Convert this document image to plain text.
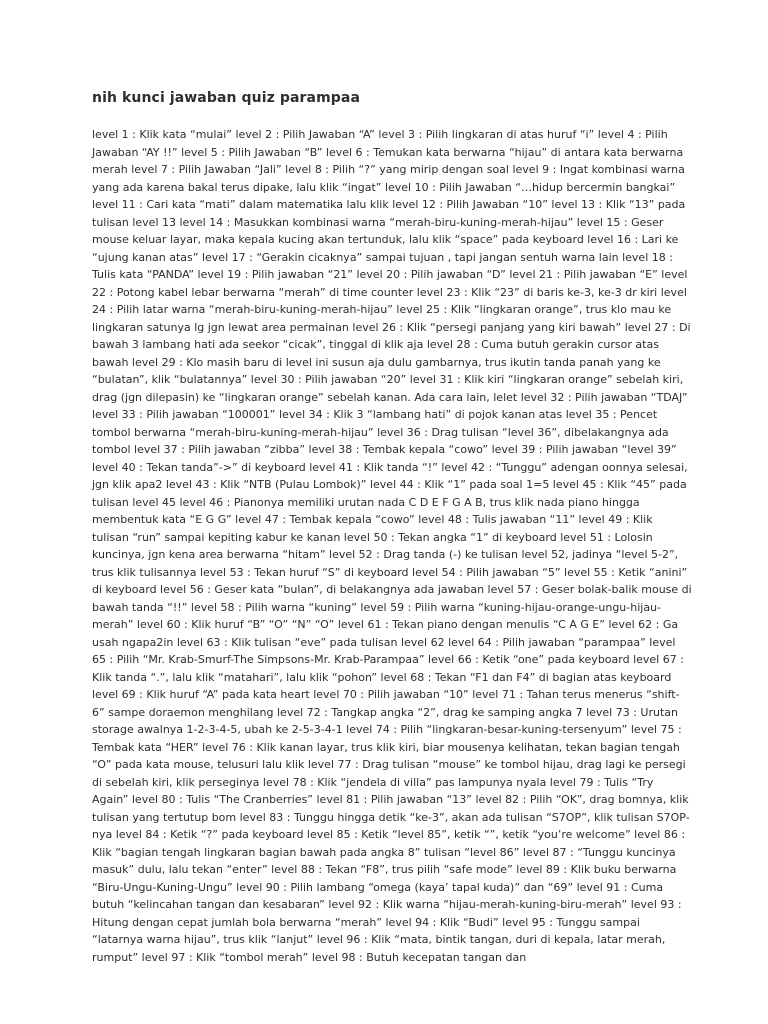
nih kunci jawaban quiz parampaa

level 1 : Klik kata “mulai” level 2 : Pilih Jawaban “A” level 3 : Pilih lingkaran di atas huruf “i” level 4 : Pilih Jawaban “AY !!” level 5 : Pilih Jawaban “B” level 6 : Temukan kata berwarna “hijau” di antara kata berwarna merah level 7 : Pilih Jawaban “Jali” level 8 : Pilih “?” yang mirip dengan soal level 9 : Ingat kombinasi warna yang ada karena bakal terus dipake, lalu klik “ingat” level 10 : Pilih Jawaban “…hidup bercermin bangkai” level 11 : Cari kata “mati” dalam matematika lalu klik level 12 : Pilih Jawaban “10” level 13 : Klik “13” pada tulisan level 13 level 14 : Masukkan kombinasi warna “merah-biru-kuning-merah-hijau” level 15 : Geser mouse keluar layar, maka kepala kucing akan tertunduk, lalu klik “space” pada keyboard level 16 : Lari ke “ujung kanan atas” level 17 : “Gerakin cicaknya” sampai tujuan , tapi jangan sentuh warna lain level 18 : Tulis kata “PANDA” level 19 : Pilih jawaban “21” level 20 : Pilih jawaban “D” level 21 : Pilih jawaban “E” level 22 : Potong kabel lebar berwarna “merah” di time counter level 23 : Klik “23” di baris ke-3, ke-3 dr kiri level 24 : Pilih latar warna “merah-biru-kuning-merah-hijau” level 25 : Klik “lingkaran orange”, trus klo mau ke lingkaran satunya lg jgn lewat area permainan level 26 : Klik “persegi panjang yang kiri bawah” level 27 : Di bawah 3 lambang hati ada seekor “cicak”, tinggal di klik aja level 28 : Cuma butuh gerakin cursor atas bawah level 29 : Klo masih baru di level ini susun aja dulu gambarnya, trus ikutin tanda panah yang ke “bulatan”, klik “bulatannya” level 30 : Pilih jawaban “20” level 31 : Klik kiri “lingkaran orange” sebelah kiri, drag (jgn dilepasin) ke “lingkaran orange” sebelah kanan. Ada cara lain, lelet level 32 : Pilih jawaban “TDAJ” level 33 : Pilih jawaban “100001” level 34 : Klik 3 “lambang hati” di pojok kanan atas level 35 : Pencet tombol berwarna “merah-biru-kuning-merah-hijau” level 36 : Drag tulisan “level 36”, dibelakangnya ada tombol level 37 : Pilih jawaban “zibba” level 38 : Tembak kepala “cowo” level 39 : Pilih jawaban “level 39” level 40 : Tekan tanda”->” di keyboard level 41 : Klik tanda “!” level 42 : “Tunggu” adengan oonnya selesai, jgn klik apa2 level 43 : Klik “NTB (Pulau Lombok)” level 44 : Klik “1” pada soal 1=5 level 45 : Klik “45” pada tulisan level 45 level 46 : Pianonya memiliki urutan nada C D E F G A B, trus klik nada piano hingga membentuk kata “E G G” level 47 : Tembak kepala “cowo” level 48 : Tulis jawaban “11” level 49 : Klik tulisan “run” sampai kepiting kabur ke kanan level 50 : Tekan angka “1” di keyboard level 51 : Lolosin kuncinya, jgn kena area berwarna “hitam” level 52 : Drag tanda (-) ke tulisan level 52, jadinya “level 5-2”, trus klik tulisannya level 53 : Tekan huruf “S” di keyboard level 54 : Pilih jawaban “5” level 55 : Ketik “anini” di keyboard level 56 : Geser kata “bulan”, di belakangnya ada jawaban level 57 : Geser bolak-balik mouse di bawah tanda “!!” level 58 : Pilih warna “kuning” level 59 : Pilih warna “kuning-hijau-orange-ungu-hijau-merah” level 60 : Klik huruf “B” “O” “N” “O” level 61 : Tekan piano dengan menulis “C A G E” level 62 : Ga usah ngapa2in level 63 : Klik tulisan “eve” pada tulisan level 62 level 64 : Pilih jawaban “parampaa” level 65 : Pilih “Mr. Krab-Smurf-The Simpsons-Mr. Krab-Parampaa” level 66 : Ketik “one” pada keyboard level 67 : Klik tanda “.”, lalu klik “matahari”, lalu klik “pohon” level 68 : Tekan “F1 dan F4” di bagian atas keyboard level 69 : Klik huruf “A” pada kata heart level 70 : Pilih jawaban “10” level 71 : Tahan terus menerus “shift-6” sampe doraemon menghilang level 72 : Tangkap angka “2”, drag ke samping angka 7 level 73 : Urutan storage awalnya 1-2-3-4-5, ubah ke 2-5-3-4-1 level 74 : Pilih “lingkaran-besar-kuning-tersenyum” level 75 : Tembak kata “HER” level 76 : Klik kanan layar, trus klik kiri, biar mousenya kelihatan, tekan bagian tengah “O” pada kata mouse, telusuri lalu klik level 77 : Drag tulisan “mouse” ke tombol hijau, drag lagi ke persegi di sebelah kiri, klik perseginya level 78 : Klik “jendela di villa” pas lampunya nyala level 79 : Tulis “Try Again” level 80 : Tulis “The Cranberries” level 81 : Pilih jawaban “13” level 82 : Pilih “OK”, drag bomnya, klik tulisan yang tertutup bom level 83 : Tunggu hingga detik “ke-3”, akan ada tulisan “S7OP”, klik tulisan S7OP-nya level 84 : Ketik “?” pada keyboard level 85 : Ketik “level 85”, ketik “”, ketik “you’re welcome” level 86 : Klik “bagian tengah lingkaran bagian bawah pada angka 8” tulisan “level 86” level 87 : “Tunggu kuncinya masuk” dulu, lalu tekan “enter” level 88 : Tekan “F8”, trus pilih “safe mode” level 89 : Klik buku berwarna “Biru-Ungu-Kuning-Ungu” level 90 : Pilih lambang “omega (kaya’ tapal kuda)” dan “69” level 91 : Cuma butuh “kelincahan tangan dan kesabaran” level 92 : Klik warna “hijau-merah-kuning-biru-merah” level 93 : Hitung dengan cepat jumlah bola berwarna “merah” level 94 : Klik “Budi” level 95 : Tunggu sampai “latarnya warna hijau”, trus klik “lanjut” level 96 : Klik “mata, bintik tangan, duri di kepala, latar merah, rumput” level 97 : Klik “tombol merah” level 98 : Butuh kecepatan tangan dan
